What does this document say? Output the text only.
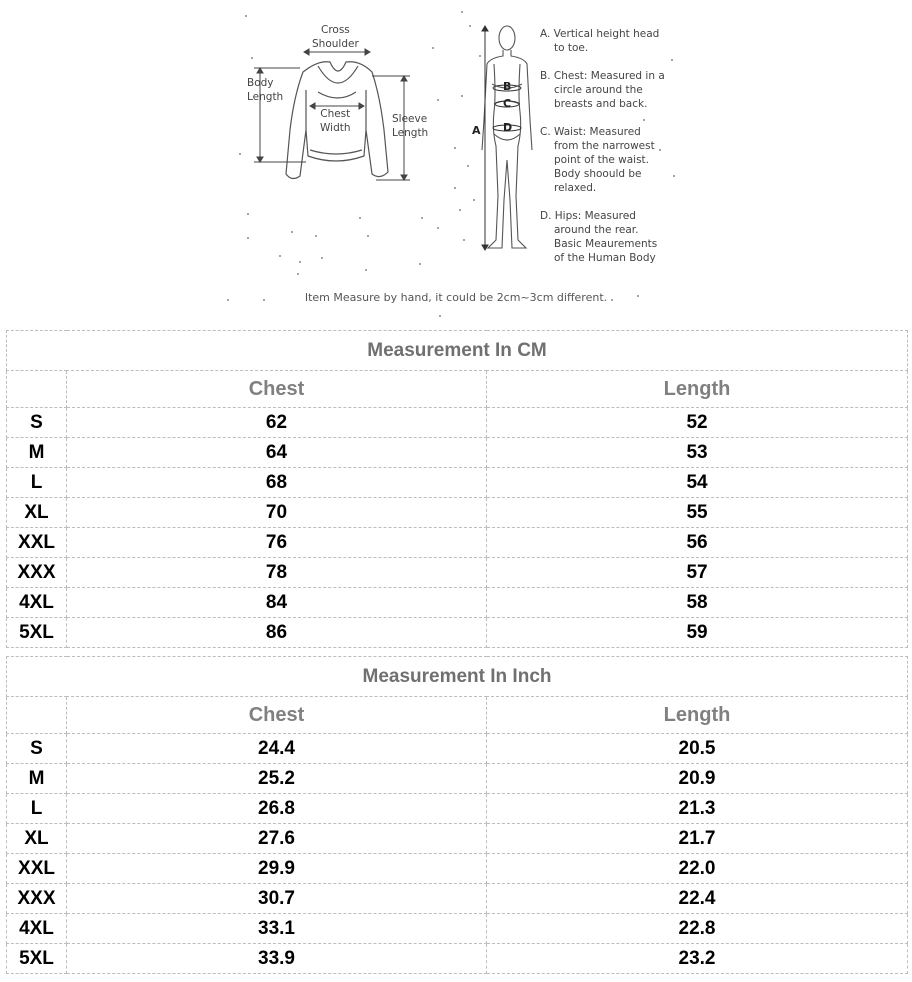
Cross
Shoulder
Body
Length
Chest
Width
Sleeve
Length	A
B
C
D
A. Vertical height head
to toe.
B. Chest: Measured in a
circle around the
breasts and back.
C. Waist: Measured
from the narrowest
point of the waist.
Body shoould be
relaxed.
D. Hips: Measured
around the rear.
Basic Meaurements
of the Human Body
Item Measure by hand, it could be 2cm~3cm different.
Measurement In CM		
	Chest	Length
S	62	52
M	64	53
L	68	54
XL	70	55
XXL	76	56
XXX	78	57
4XL	84	58
5XL	86	59
Measurement In Inch		
	Chest	Length
S	24.4	20.5
M	25.2	20.9
L	26.8	21.3
XL	27.6	21.7
XXL	29.9	22.0
XXX	30.7	22.4
4XL	33.1	22.8
5XL	33.9	23.2
